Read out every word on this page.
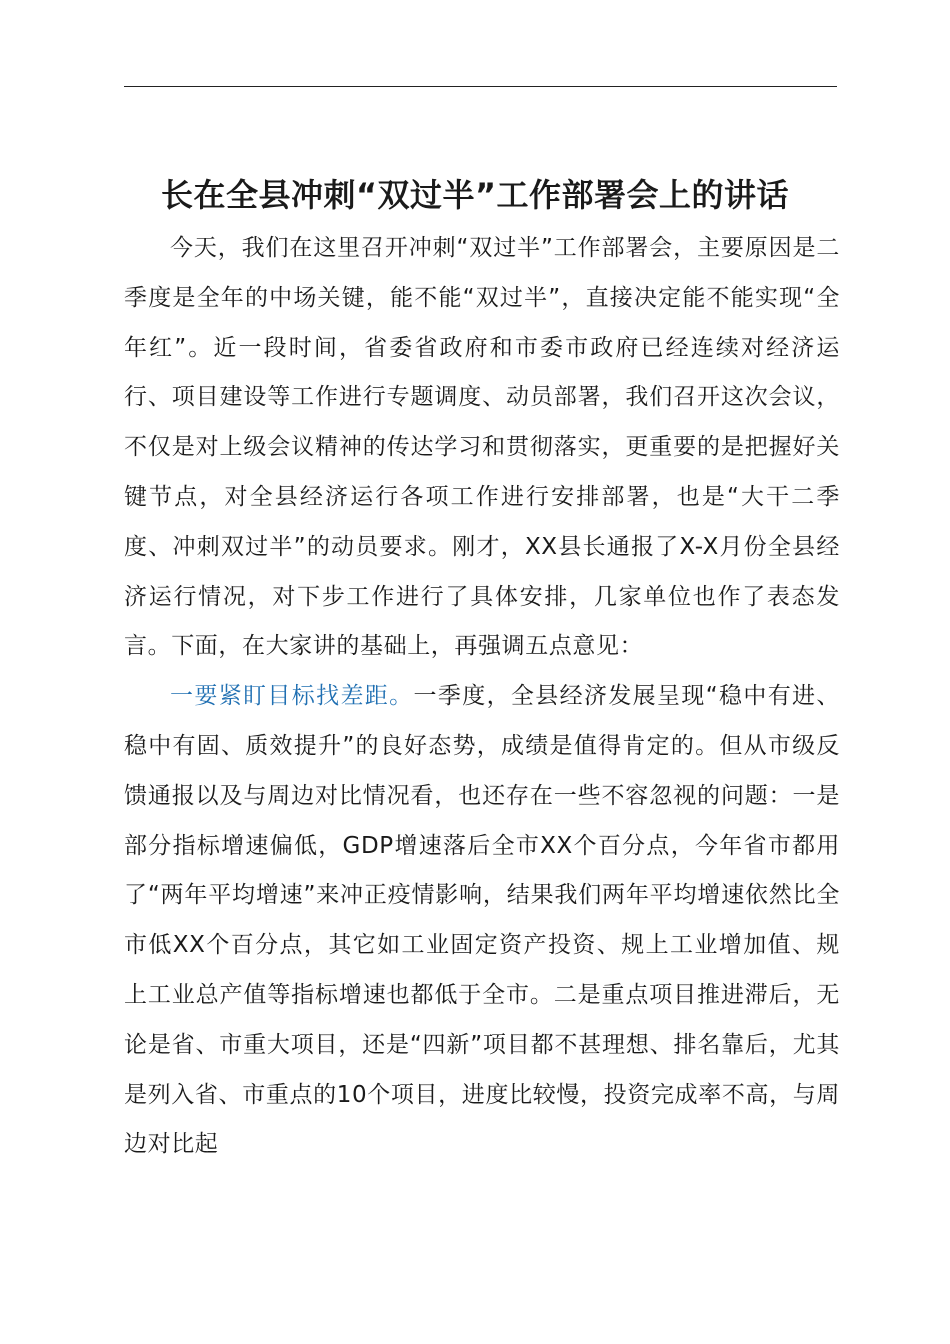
长在全县冲刺“双过半”工作部署会上的讲话

今天，我们在这里召开冲刺“双过半”工作部署会，主要原因是二季度是全年的中场关键，能不能“双过半”，直接决定能不能实现“全年红”。近一段时间，省委省政府和市委市政府已经连续对经济运行、项目建设等工作进行专题调度、动员部署，我们召开这次会议，不仅是对上级会议精神的传达学习和贯彻落实，更重要的是把握好关键节点，对全县经济运行各项工作进行安排部署，也是“大干二季度、冲刺双过半”的动员要求。刚才，XX县长通报了X-X月份全县经济运行情况，对下步工作进行了具体安排，几家单位也作了表态发言。下面，在大家讲的基础上，再强调五点意见：

一要紧盯目标找差距。一季度，全县经济发展呈现“稳中有进、稳中有固、质效提升”的良好态势，成绩是值得肯定的。但从市级反馈通报以及与周边对比情况看，也还存在一些不容忽视的问题：一是部分指标增速偏低，GDP增速落后全市XX个百分点，今年省市都用了“两年平均增速”来冲正疫情影响，结果我们两年平均增速依然比全市低XX个百分点，其它如工业固定资产投资、规上工业增加值、规上工业总产值等指标增速也都低于全市。二是重点项目推进滞后，无论是省、市重大项目，还是“四新”项目都不甚理想、排名靠后，尤其是列入省、市重点的10个项目，进度比较慢，投资完成率不高，与周边对比起
